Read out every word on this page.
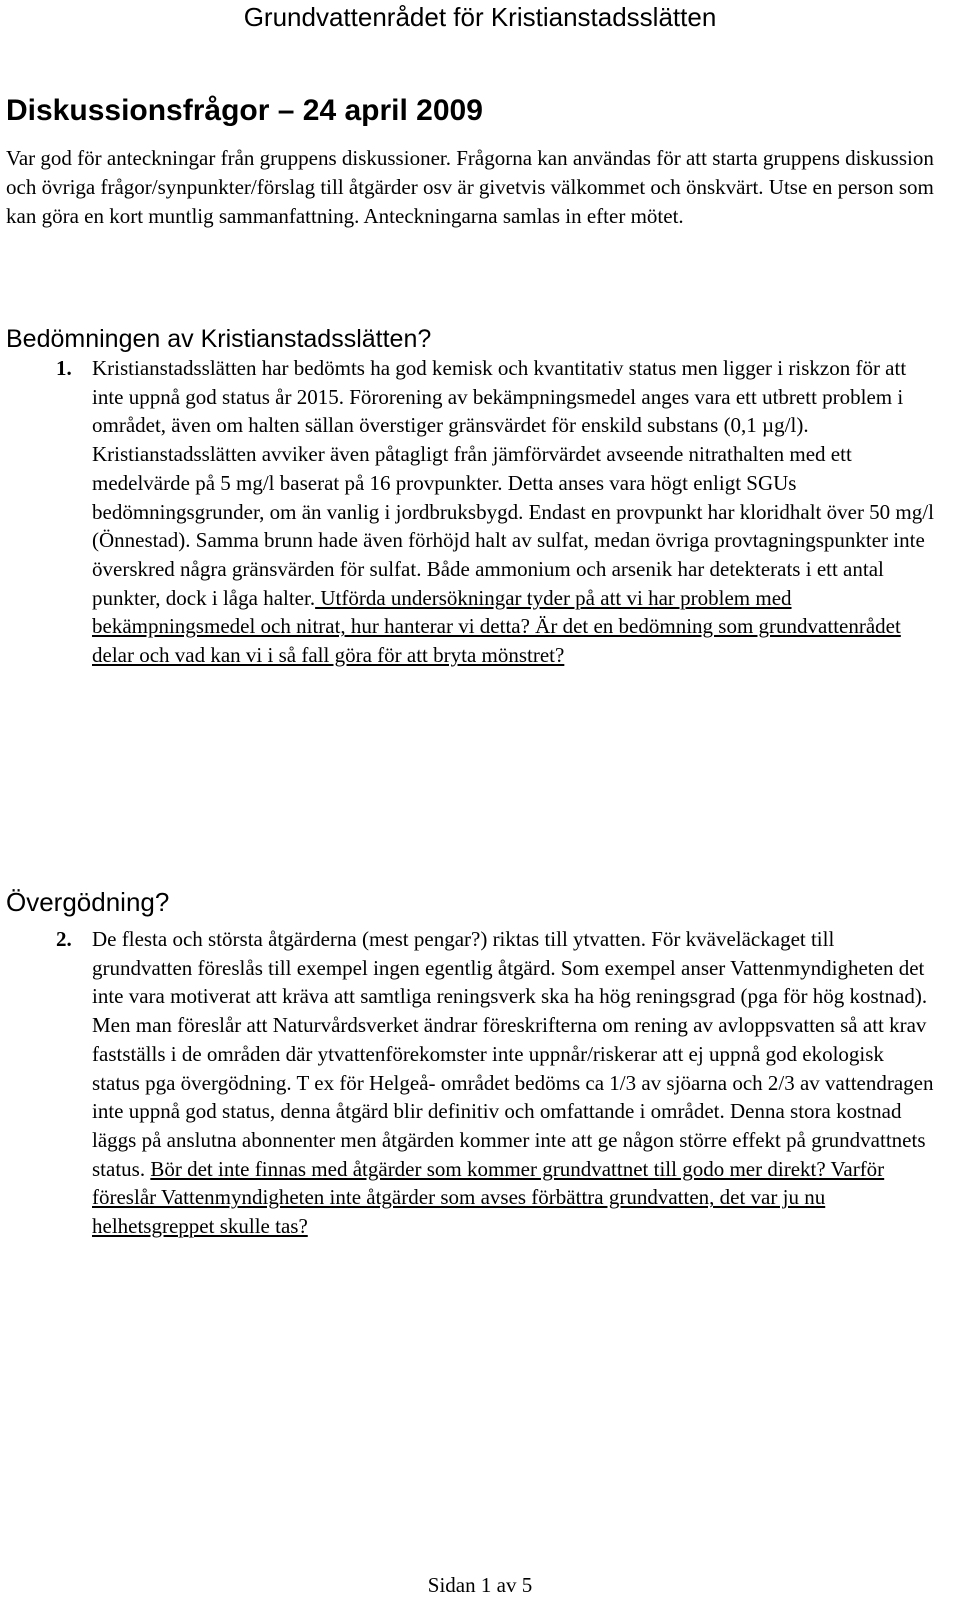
Grundvattenrådet för Kristianstadsslätten
Diskussionsfrågor – 24 april 2009
Var god för anteckningar från gruppens diskussioner. Frågorna kan användas för att starta gruppens diskussion och övriga frågor/synpunkter/förslag till åtgärder osv är givetvis välkommet och önskvärt. Utse en person som kan göra en kort muntlig sammanfattning. Anteckningarna samlas in efter mötet.
Bedömningen av Kristianstadsslätten?
1. Kristianstadsslätten har bedömts ha god kemisk och kvantitativ status men ligger i riskzon för att inte uppnå god status år 2015. Förorening av bekämpningsmedel anges vara ett utbrett problem i området, även om halten sällan överstiger gränsvärdet för enskild substans (0,1 µg/l). Kristianstadsslätten avviker även påtagligt från jämförvärdet avseende nitrathalten med ett medelvärde på 5 mg/l baserat på 16 provpunkter. Detta anses vara högt enligt SGUs bedömningsgrunder, om än vanlig i jordbruksbygd. Endast en provpunkt har kloridhalt över 50 mg/l (Önnestad). Samma brunn hade även förhöjd halt av sulfat, medan övriga provtagningspunkter inte överskred några gränsvärden för sulfat. Både ammonium och arsenik har detekterats i ett antal punkter, dock i låga halter. Utförda undersökningar tyder på att vi har problem med bekämpningsmedel och nitrat, hur hanterar vi detta? Är det en bedömning som grundvattenrådet delar och vad kan vi i så fall göra för att bryta mönstret?
Övergödning?
2. De flesta och största åtgärderna (mest pengar?) riktas till ytvatten. För kväveläckaget till grundvatten föreslås till exempel ingen egentlig åtgärd. Som exempel anser Vattenmyndigheten det inte vara motiverat att kräva att samtliga reningsverk ska ha hög reningsgrad (pga för hög kostnad). Men man föreslår att Naturvårdsverket ändrar föreskrifterna om rening av avloppsvatten så att krav fastställs i de områden där ytvattenförekomster inte uppnår/riskerar att ej uppnå god ekologisk status pga övergödning. T ex för Helgeå- området bedöms ca 1/3 av sjöarna och 2/3 av vattendragen inte uppnå god status, denna åtgärd blir definitiv och omfattande i området. Denna stora kostnad läggs på anslutna abonnenter men åtgärden kommer inte att ge någon större effekt på grundvattnets status. Bör det inte finnas med åtgärder som kommer grundvattnet till godo mer direkt? Varför föreslår Vattenmyndigheten inte åtgärder som avses förbättra grundvatten, det var ju nu helhetsgreppet skulle tas?
Sidan 1 av 5
